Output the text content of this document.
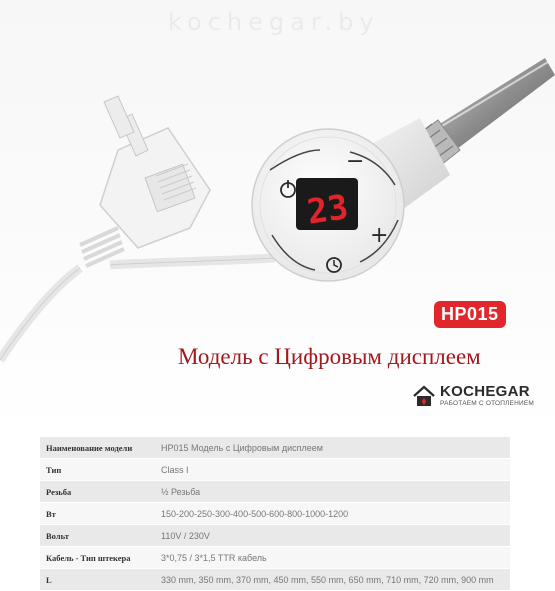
kochegar.by
23
−
+
HP015
Модель с Цифровым дисплеем
KOCHEGAR
РАБОТАЕМ С ОТОПЛЕНИЕМ
Наименование модели	HP015 Модель с Цифровым дисплеем
Тип	Class I
Резьба	½ Резьба
Вт	150-200-250-300-400-500-600-800-1000-1200
Вольт	110V / 230V
Кабель - Тип штекера	3*0,75 / 3*1,5 TTR кабель
L	330 mm, 350 mm, 370 mm, 450 mm, 550 mm, 650 mm, 710 mm, 720 mm, 900 mm
